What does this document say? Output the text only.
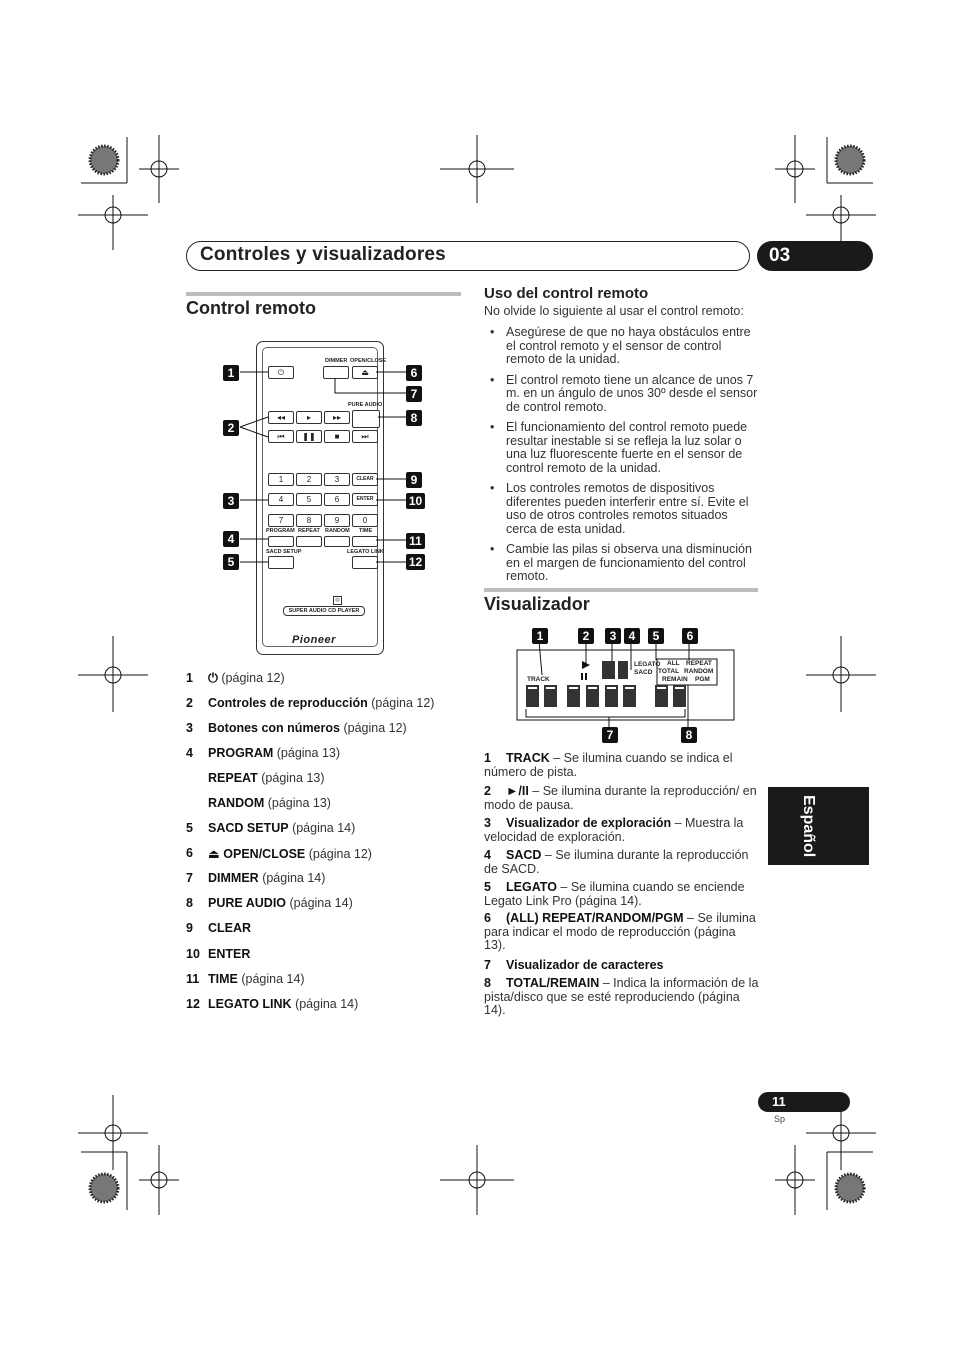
Controles y visualizadores	03
Control remoto
⏻
DIMMER OPEN/CLOSE
⏏
PURE AUDIO
◂◂	▸	▸▸
⏮	❚❚	■	⏭
1	2	3	CLEAR
4	5	6	ENTER
7	8	9	0
PROGRAM REPEAT RANDOM TIME
SACD SETUP	LEGATO LINK
◎
SUPER AUDIO CD PLAYER
Pioneer
1
2
3
4
5
6
7
8
9
10
11
12
1	⏻ (página 12)
2	Controles de reproducción (página 12)
3	Botones con números (página 12)
4	PROGRAM (página 13)
REPEAT (página 13)
RANDOM (página 13)
5	SACD SETUP (página 14)
6	⏏ OPEN/CLOSE (página 12)
7	DIMMER (página 14)
8	PURE AUDIO (página 14)
9	CLEAR
10 ENTER
11 TIME (página 14)
12 LEGATO LINK (página 14)
Uso del control remoto
No olvide lo siguiente al usar el control remoto:
• Asegúrese de que no haya obstáculos entre el control remoto y el sensor de control remoto de la unidad.
• El control remoto tiene un alcance de unos 7 m. en un ángulo de unos 30º desde el sensor de control remoto.
• El funcionamiento del control remoto puede resultar inestable si se refleja la luz solar o una luz fluorescente fuerte en el sensor de control remoto de la unidad.
• Los controles remotos de dispositivos diferentes pueden interferir entre sí. Evite el uso de otros controles remotos situados cerca de esta unidad.
• Cambie las pilas si observa una disminución en el margen de funcionamiento del control remoto.
Visualizador
TRACK
LEGATO
SACD
ALL REPEAT
TOTAL RANDOM
REMAIN PGM
1	2	3	4	5	6
7	8
1 TRACK – Se ilumina cuando se indica el número de pista.
2 ►/II – Se ilumina durante la reproducción/ en modo de pausa.
3 Visualizador de exploración – Muestra la velocidad de exploración.
4 SACD – Se ilumina durante la reproducción de SACD.
5 LEGATO – Se ilumina cuando se enciende Legato Link Pro (página 14).
6 (ALL) REPEAT/RANDOM/PGM – Se ilumina para indicar el modo de reproducción (página 13).
7 Visualizador de caracteres
8 TOTAL/REMAIN – Indica la información de la pista/disco que se esté reproduciendo (página 14).
Español
11
Sp
